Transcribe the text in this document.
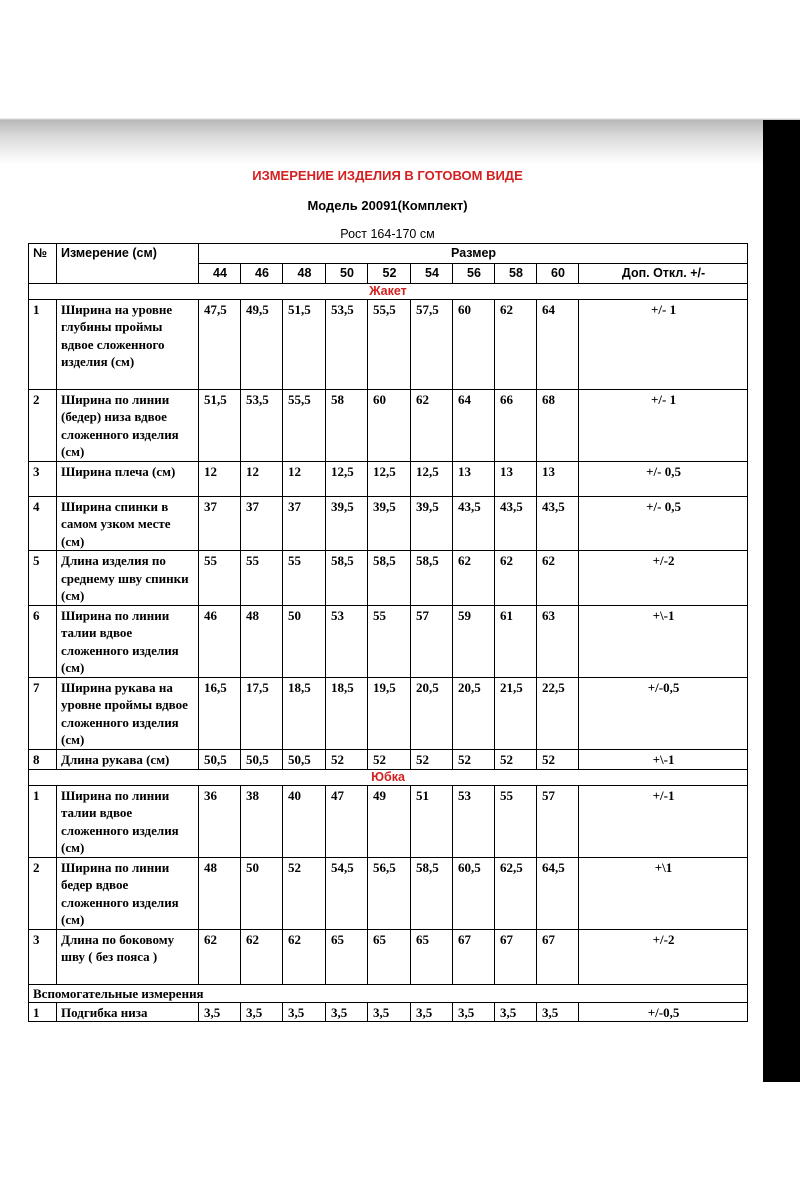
ИЗМЕРЕНИЕ ИЗДЕЛИЯ В ГОТОВОМ ВИДЕ
Модель 20091(Комплект)
Рост 164-170 см
№	Измерение (см)	Размер									
		44	46	48	50	52	54	56	58	60	Доп. Откл. +/-
Жакет											
1	Ширина на уровне глубины проймы вдвое сложенного изделия (см)	47,5	49,5	51,5	53,5	55,5	57,5	60	62	64	+/- 1
2	Ширина по линии (бедер) низа вдвое сложенного изделия (см)	51,5	53,5	55,5	58	60	62	64	66	68	+/- 1
3	Ширина плеча (см)	12	12	12	12,5	12,5	12,5	13	13	13	+/- 0,5
4	Ширина спинки в самом узком месте (см)	37	37	37	39,5	39,5	39,5	43,5	43,5	43,5	+/- 0,5
5	Длина изделия по среднему шву спинки (см)	55	55	55	58,5	58,5	58,5	62	62	62	+/-2
6	Ширина по линии талии вдвое сложенного изделия (см)	46	48	50	53	55	57	59	61	63	+\-1
7	Ширина рукава на уровне проймы вдвое сложенного изделия (см)	16,5	17,5	18,5	18,5	19,5	20,5	20,5	21,5	22,5	+/-0,5
8	Длина рукава (см)	50,5	50,5	50,5	52	52	52	52	52	52	+\-1
Юбка											
1	Ширина по линии талии вдвое сложенного изделия (см)	36	38	40	47	49	51	53	55	57	+/-1
2	Ширина по линии бедер вдвое сложенного изделия (см)	48	50	52	54,5	56,5	58,5	60,5	62,5	64,5	+\1
3	Длина по боковому шву ( без пояса )	62	62	62	65	65	65	67	67	67	+/-2
Вспомогательные измерения											
1	Подгибка низа	3,5	3,5	3,5	3,5	3,5	3,5	3,5	3,5	3,5	+/-0,5
